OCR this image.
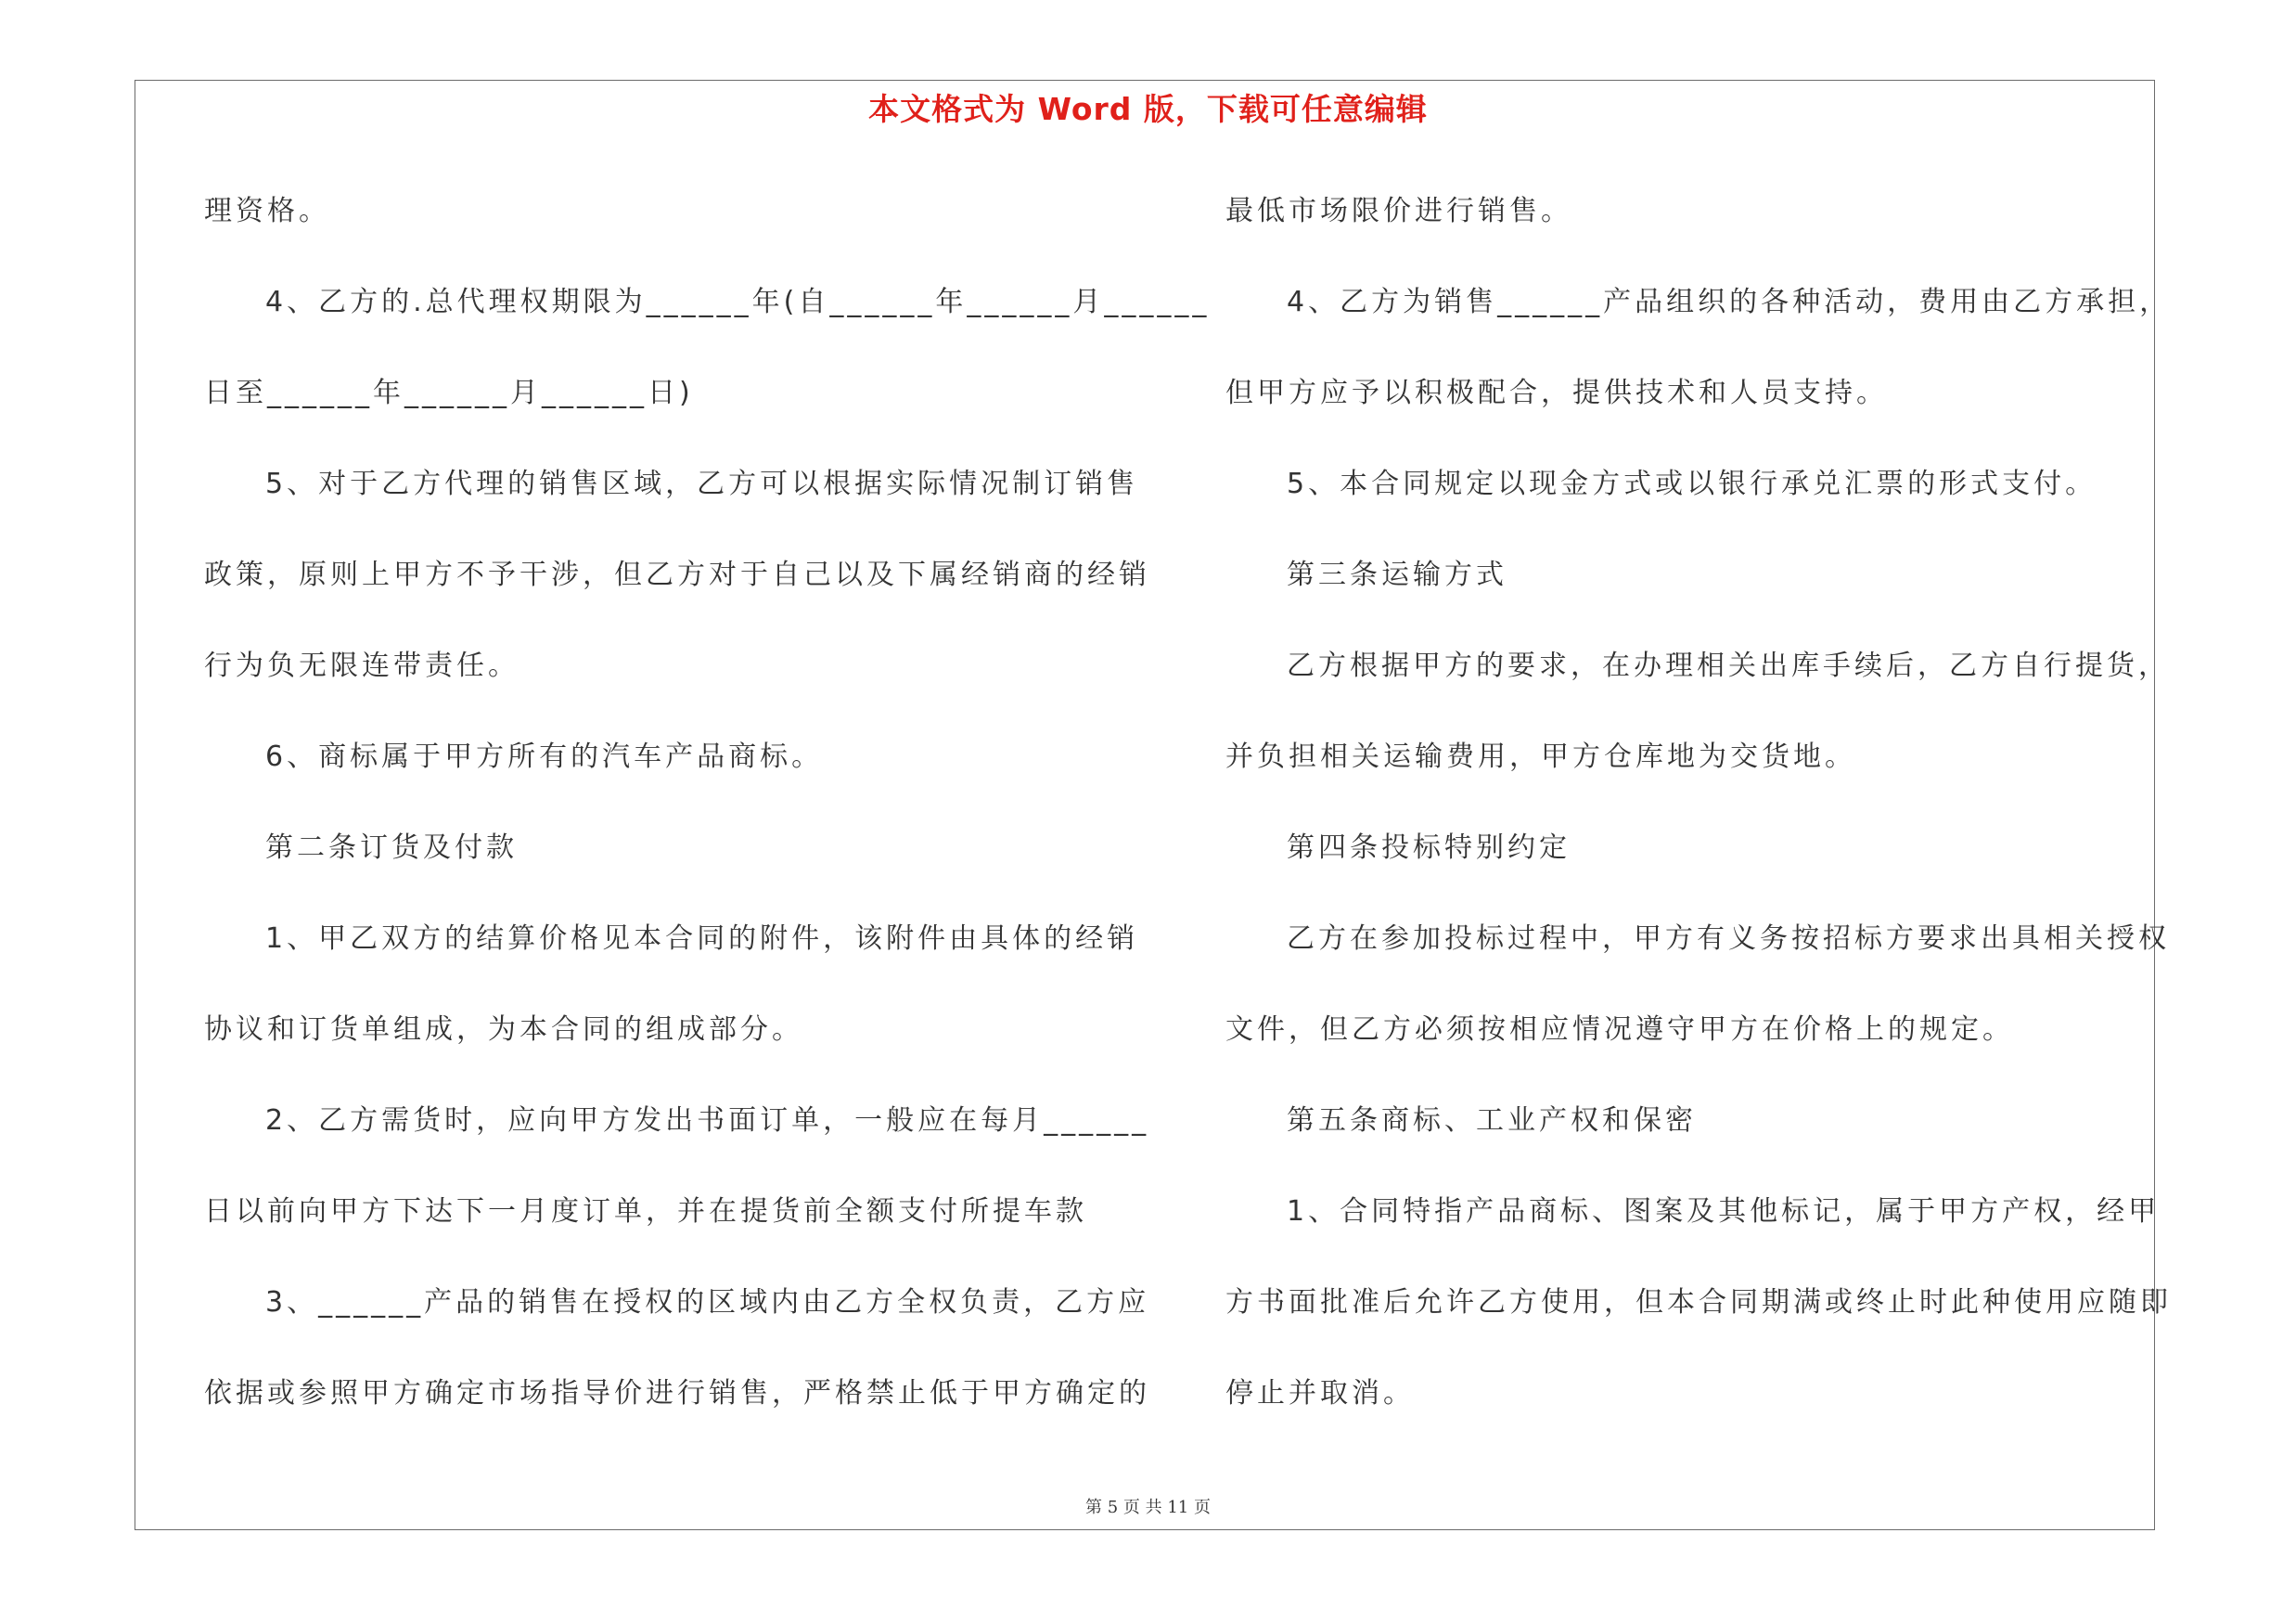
本文格式为 Word 版，下载可任意编辑
理资格。
4、乙方的.总代理权期限为______年(自______年______月______
日至______年______月______日)
5、对于乙方代理的销售区域，乙方可以根据实际情况制订销售
政策，原则上甲方不予干涉，但乙方对于自己以及下属经销商的经销
行为负无限连带责任。
6、商标属于甲方所有的汽车产品商标。
第二条订货及付款
1、甲乙双方的结算价格见本合同的附件，该附件由具体的经销
协议和订货单组成，为本合同的组成部分。
2、乙方需货时，应向甲方发出书面订单，一般应在每月______
日以前向甲方下达下一月度订单，并在提货前全额支付所提车款
3、______产品的销售在授权的区域内由乙方全权负责，乙方应
依据或参照甲方确定市场指导价进行销售，严格禁止低于甲方确定的
最低市场限价进行销售。
4、乙方为销售______产品组织的各种活动，费用由乙方承担，
但甲方应予以积极配合，提供技术和人员支持。
5、本合同规定以现金方式或以银行承兑汇票的形式支付。
第三条运输方式
乙方根据甲方的要求，在办理相关出库手续后，乙方自行提货，
并负担相关运输费用，甲方仓库地为交货地。
第四条投标特别约定
乙方在参加投标过程中，甲方有义务按招标方要求出具相关授权
文件，但乙方必须按相应情况遵守甲方在价格上的规定。
第五条商标、工业产权和保密
1、合同特指产品商标、图案及其他标记，属于甲方产权，经甲
方书面批准后允许乙方使用，但本合同期满或终止时此种使用应随即
停止并取消。
第 5 页 共 11 页
